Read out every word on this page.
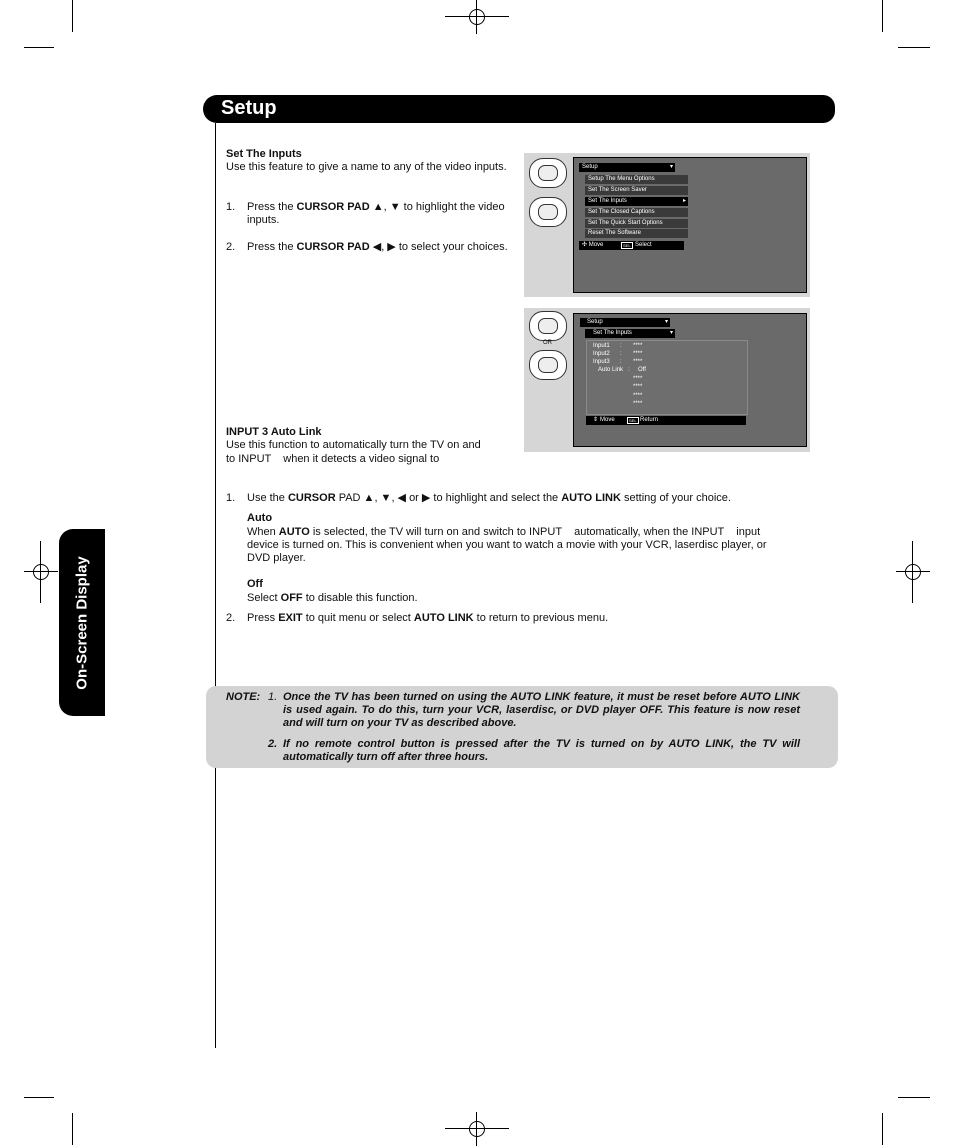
Setup
On-Screen Display
Set The Inputs
Use this feature to give a name to any of the video inputs.
1. Press the CURSOR PAD ▲, ▼ to highlight the video inputs.
2. Press the CURSOR PAD ◀, ▶ to select your choices.
Setup	▾
Setup The Menu Options
Set The Screen Saver
Set The Inputs	▸
Set The Closed Captions
Set The Quick Start Options
Reset The Software
✣ Move	SEL Select
OR
Setup	▾
Set The Inputs	▾
Input1 : ****
Input2 : ****
Input3 : ****
Auto Link : Off
****
****
****
****
⇕ Move	SEL Return
INPUT 3 Auto Link
Use this function to automatically turn the TV on and
to INPUT    when it detects a video signal to
1. Use the CURSOR PAD ▲, ▼, ◀ or ▶ to highlight and select the AUTO LINK setting of your choice.
Auto
When AUTO is selected, the TV will turn on and switch to INPUT    automatically, when the INPUT    input device is turned on. This is convenient when you want to watch a movie with your VCR, laserdisc player, or DVD player.
Off
Select OFF to disable this function.
2. Press EXIT to quit menu or select AUTO LINK to return to previous menu.
NOTE: 1. Once the TV has been turned on using the AUTO LINK feature, it must be reset before AUTO LINK is used again. To do this, turn your VCR, laserdisc, or DVD player OFF. This feature is now reset and will turn on your TV as described above.
2. If no remote control button is pressed after the TV is turned on by AUTO LINK, the TV will automatically turn off after three hours.
